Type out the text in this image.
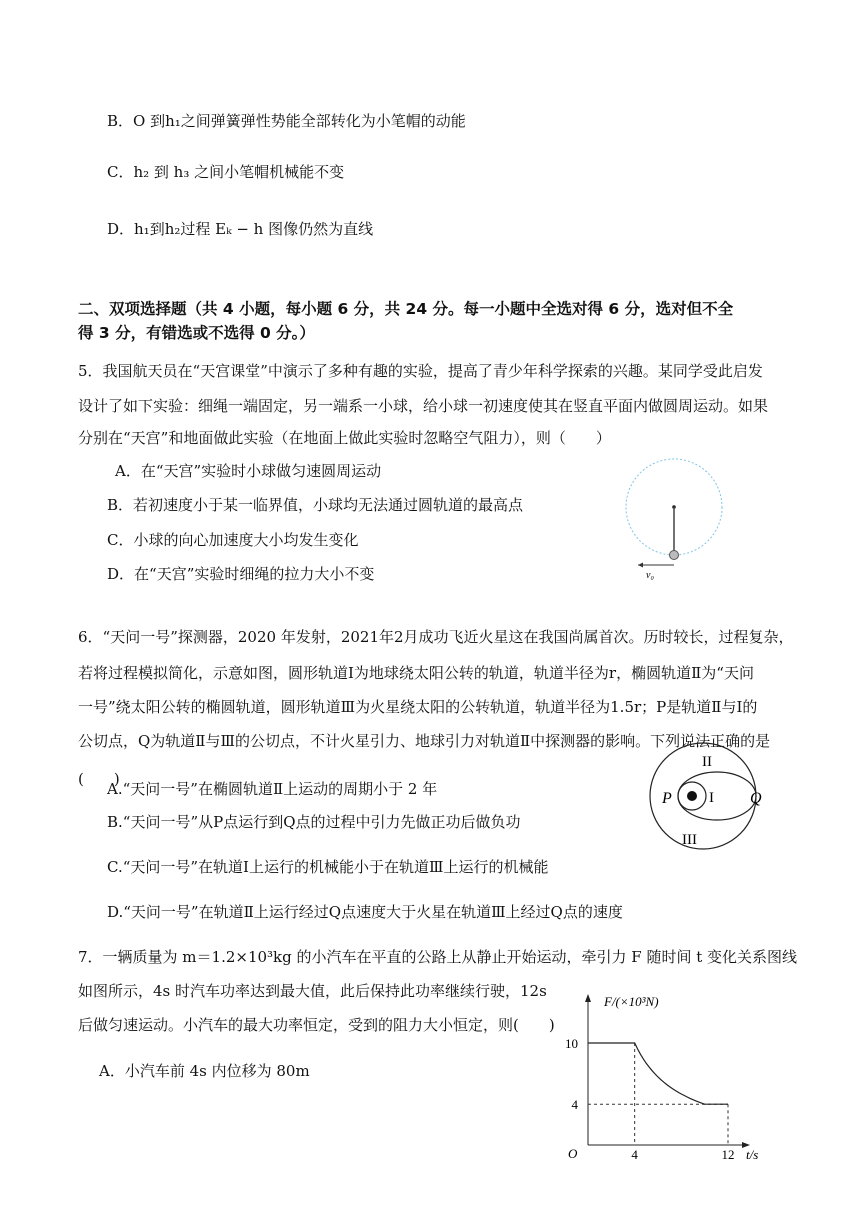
B．O 到h₁之间弹簧弹性势能全部转化为小笔帽的动能
C．h₂ 到 h₃ 之间小笔帽机械能不变
D．h₁到h₂过程 Eₖ − h 图像仍然为直线
二、双项选择题（共 4 小题，每小题 6 分，共 24 分。每一小题中全选对得 6 分，选对但不全
得 3 分，有错选或不选得 0 分。）
5．我国航天员在“天宫课堂”中演示了多种有趣的实验，提高了青少年科学探索的兴趣。某同学受此启发
设计了如下实验：细绳一端固定，另一端系一小球，给小球一初速度使其在竖直平面内做圆周运动。如果
分别在“天宫”和地面做此实验（在地面上做此实验时忽略空气阻力），则（　　）
A．在“天宫”实验时小球做匀速圆周运动
B．若初速度小于某一临界值，小球均无法通过圆轨道的最高点
C．小球的向心加速度大小均发生变化
D．在“天宫”实验时细绳的拉力大小不变	v₀
6．“天问一号”探测器，2020 年发射，2021年2月成功飞近火星这在我国尚属首次。历时较长，过程复杂，
若将过程模拟简化，示意如图，圆形轨道Ⅰ为地球绕太阳公转的轨道，轨道半径为r，椭圆轨道Ⅱ为“天问
一号”绕太阳公转的椭圆轨道，圆形轨道Ⅲ为火星绕太阳的公转轨道，轨道半径为1.5r；P是轨道Ⅱ与Ⅰ的
公切点，Q为轨道Ⅱ与Ⅲ的公切点，不计火星引力、地球引力对轨道Ⅱ中探测器的影响。下列说法正确的是
(　　)
A.“天问一号”在椭圆轨道Ⅱ上运动的周期小于 2 年
B.“天问一号”从P点运行到Q点的过程中引力先做正功后做负功
C.“天问一号”在轨道Ⅰ上运行的机械能小于在轨道Ⅲ上运行的机械能
D.“天问一号”在轨道Ⅱ上运行经过Q点速度大于火星在轨道Ⅲ上经过Q点的速度
II
I
III
P	Q
7．一辆质量为 m＝1.2×10³kg 的小汽车在平直的公路上从静止开始运动，牵引力 F 随时间 t 变化关系图线
如图所示，4s 时汽车功率达到最大值，此后保持此功率继续行驶，12s
后做匀速运动。小汽车的最大功率恒定，受到的阻力大小恒定，则(　　)
A．小汽车前 4s 内位移为 80m
F/(×10³N)
t/s
O	4	12
10
4
